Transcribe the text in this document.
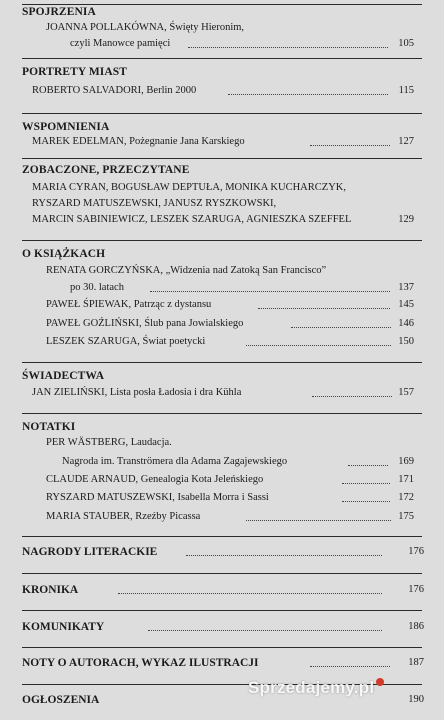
SPOJRZENIA
JOANNA POLLAKÓWNA, Święty Hieronim,
czyli Manowce pamięci	105
PORTRETY MIAST
ROBERTO SALVADORI, Berlin 2000	115
WSPOMNIENIA
MAREK EDELMAN, Pożegnanie Jana Karskiego	127
ZOBACZONE, PRZECZYTANE
MARIA CYRAN, BOGUSŁAW DEPTUŁA, MONIKA KUCHARCZYK,
RYSZARD MATUSZEWSKI, JANUSZ RYSZKOWSKI,
MARCIN SABINIEWICZ, LESZEK SZARUGA, AGNIESZKA SZEFFEL	129
O KSIĄŻKACH
RENATA GORCZYŃSKA, „Widzenia nad Zatoką San Francisco”
po 30. latach	137
PAWEŁ ŚPIEWAK, Patrząc z dystansu	145
PAWEŁ GOŹLIŃSKI, Ślub pana Jowialskiego	146
LESZEK SZARUGA, Świat poetycki	150
ŚWIADECTWA
JAN ZIELIŃSKI, Lista posła Ładosia i dra Kühla	157
NOTATKI
PER WÄSTBERG, Laudacja.
Nagroda im. Tranströmera dla Adama Zagajewskiego	169
CLAUDE ARNAUD, Genealogia Kota Jeleńskiego	171
RYSZARD MATUSZEWSKI, Isabella Morra i Sassi	172
MARIA STAUBER, Rzeźby Picassa	175
NAGRODY LITERACKIE	176
KRONIKA	176
KOMUNIKATY	186
NOTY O AUTORACH, WYKAZ ILUSTRACJI	187
OGŁOSZENIA	190
Sprzedajemy.pl
